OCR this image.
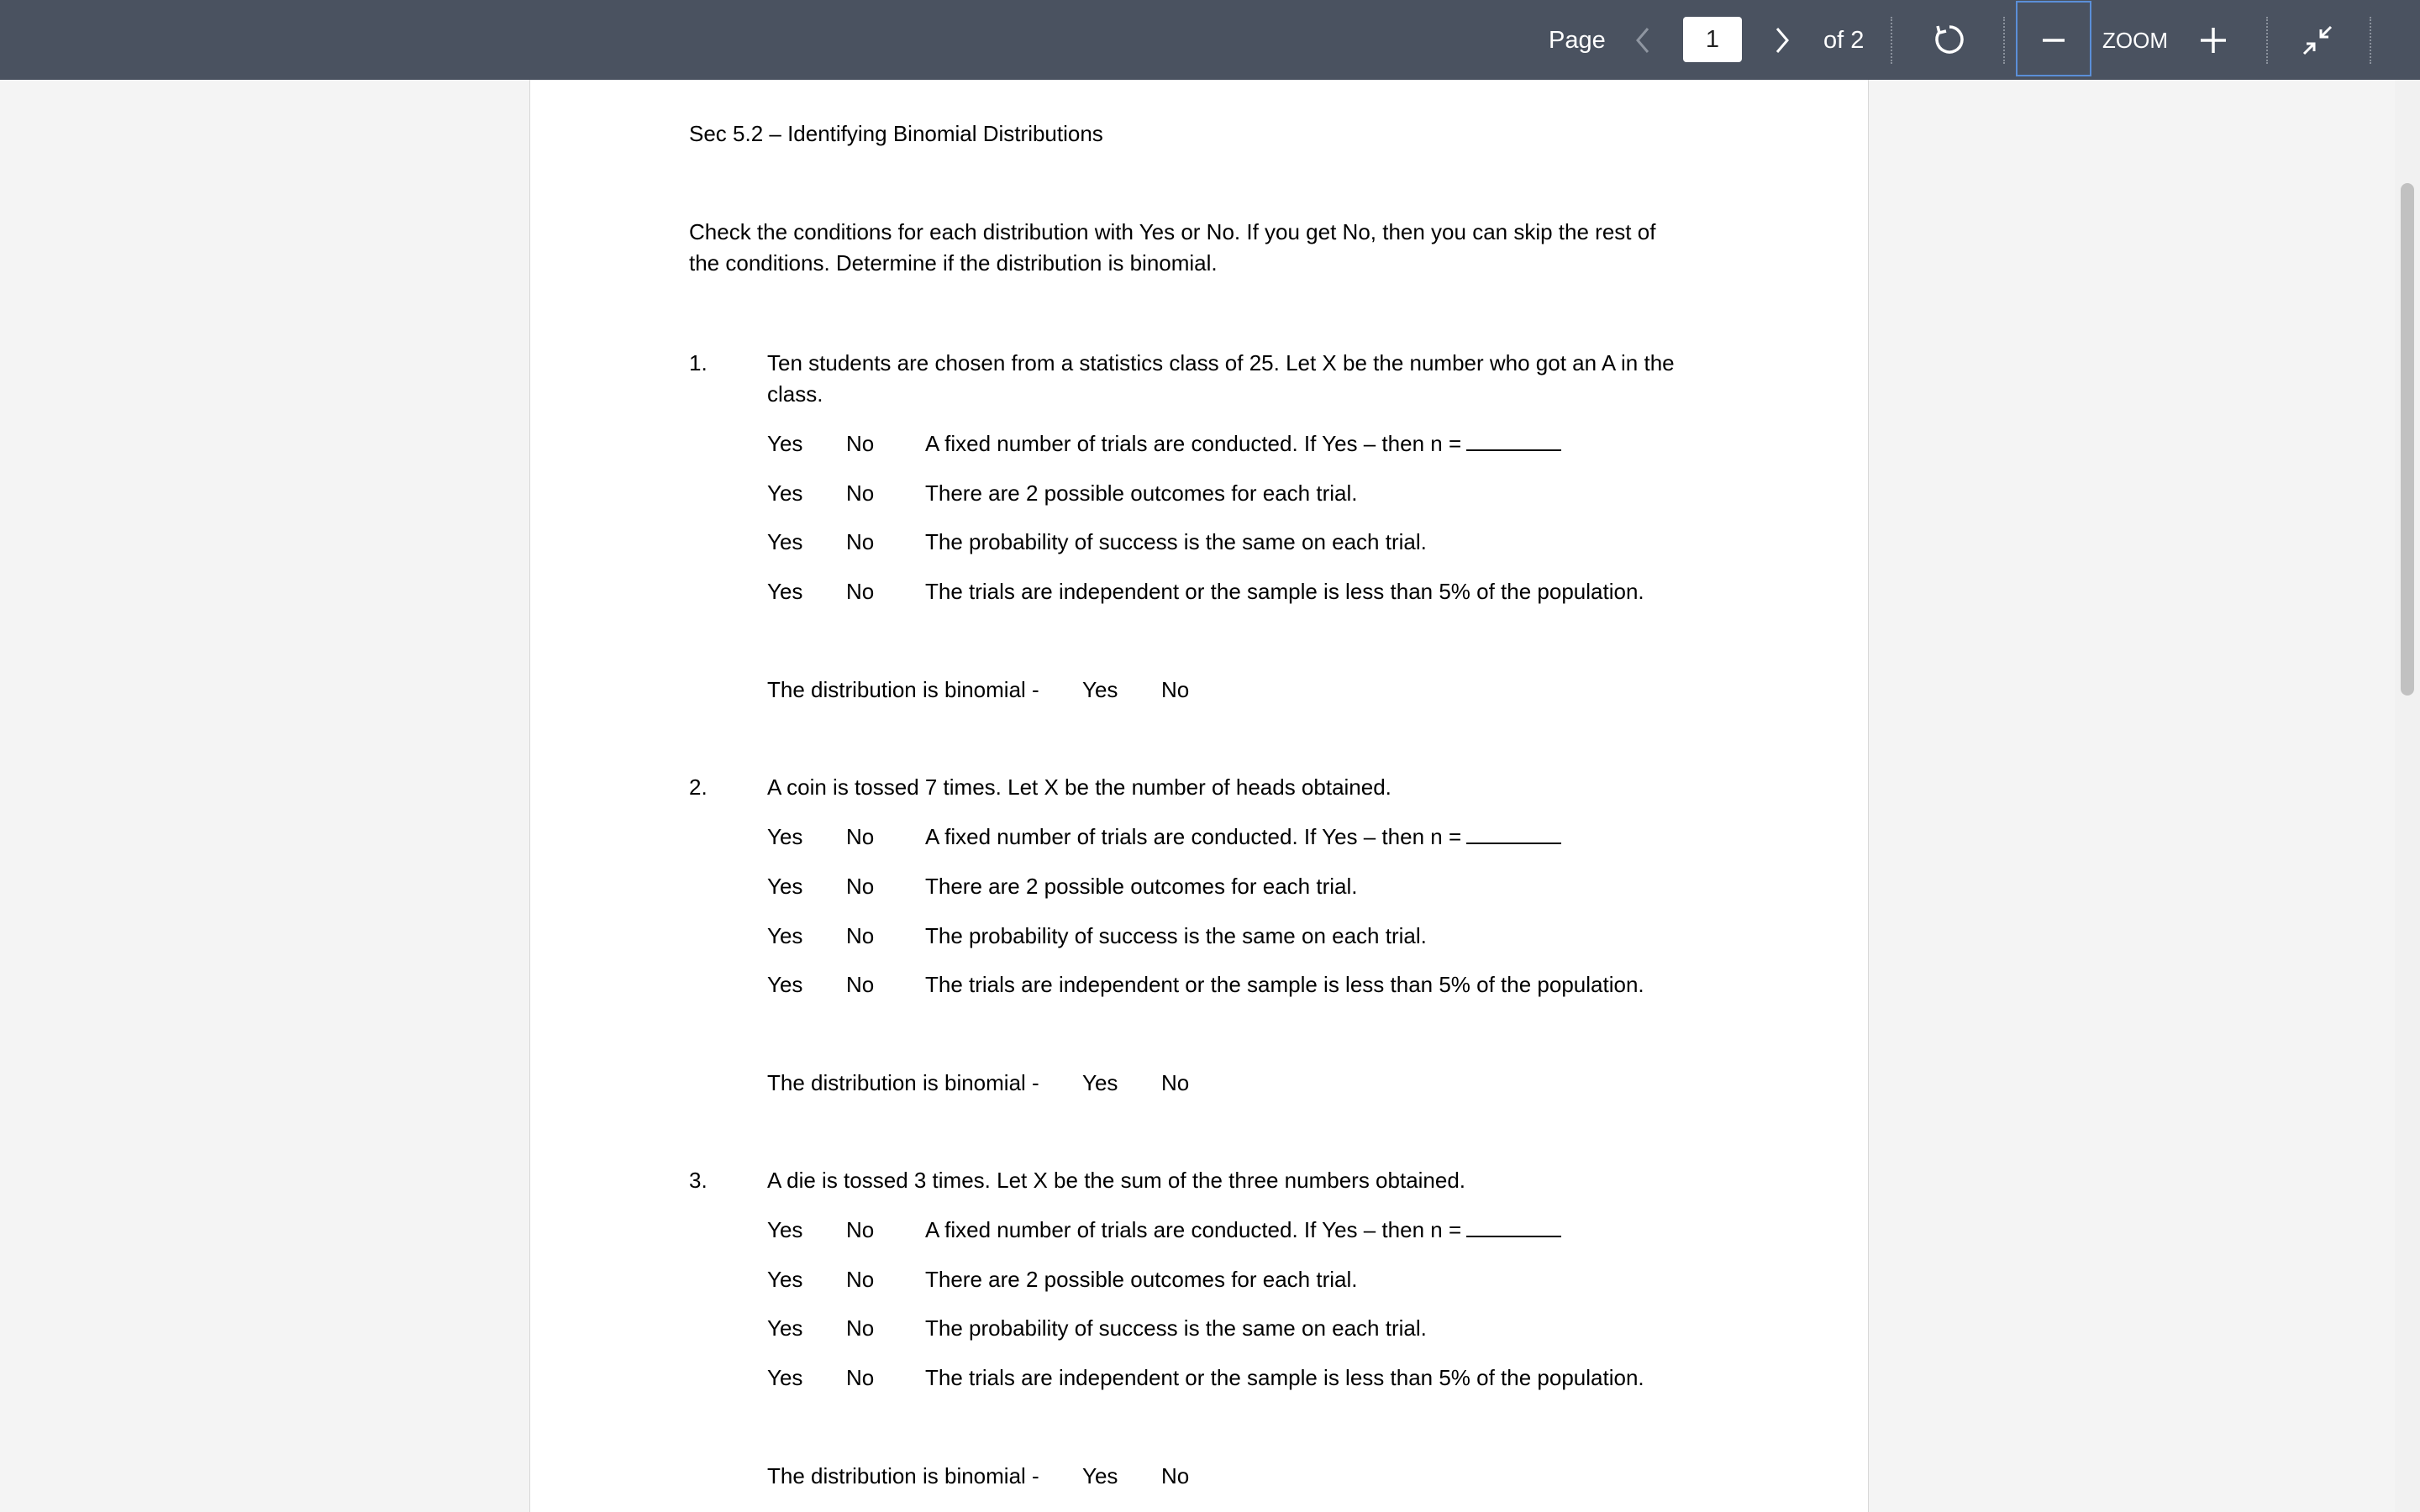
Page
1	of 2	ZOOM
Sec 5.2 – Identifying Binomial Distributions
Check the conditions for each distribution with Yes or No. If you get No, then you can skip the rest of
the conditions. Determine if the distribution is binomial.
1.	Ten students are chosen from a statistics class of 25. Let X be the number who got an A in the
class.
Yes No A fixed number of trials are conducted. If Yes – then n =
Yes No There are 2 possible outcomes for each trial.
Yes No The probability of success is the same on each trial.
Yes No The trials are independent or the sample is less than 5% of the population.
The distribution is binomial - Yes No
2.	A coin is tossed 7 times. Let X be the number of heads obtained.
Yes No A fixed number of trials are conducted. If Yes – then n =
Yes No There are 2 possible outcomes for each trial.
Yes No The probability of success is the same on each trial.
Yes No The trials are independent or the sample is less than 5% of the population.
The distribution is binomial - Yes No
3.	A die is tossed 3 times. Let X be the sum of the three numbers obtained.
Yes No A fixed number of trials are conducted. If Yes – then n =
Yes No There are 2 possible outcomes for each trial.
Yes No The probability of success is the same on each trial.
Yes No The trials are independent or the sample is less than 5% of the population.
The distribution is binomial - Yes No
